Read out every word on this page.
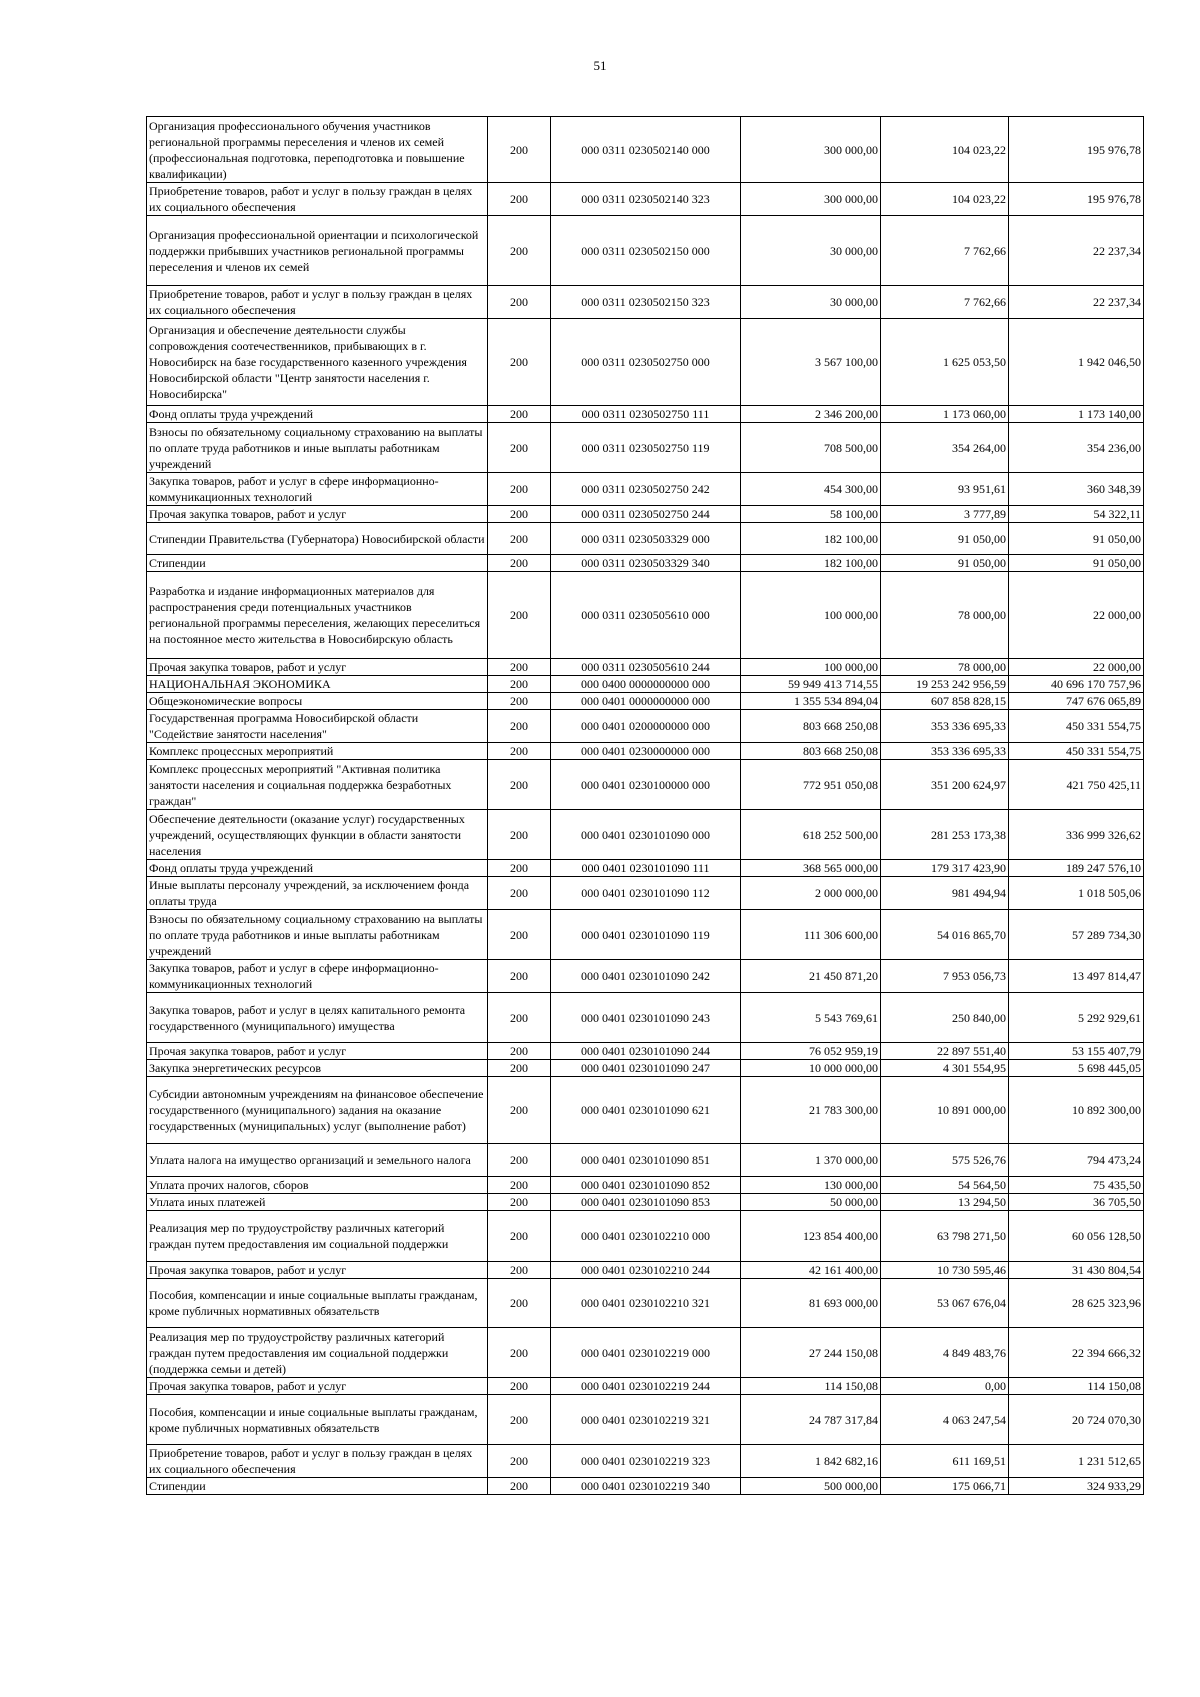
51
Организация профессионального обучения участников региональной программы переселения и членов их семей (профессиональная подготовка, переподготовка и повышение квалификации)	200	000 0311 0230502140 000	300 000,00	104 023,22	195 976,78
Приобретение товаров, работ и услуг в пользу граждан в целях их социального обеспечения	200	000 0311 0230502140 323	300 000,00	104 023,22	195 976,78
Организация профессиональной ориентации и психологической поддержки прибывших участников региональной программы переселения и членов их семей	200	000 0311 0230502150 000	30 000,00	7 762,66	22 237,34
Приобретение товаров, работ и услуг в пользу граждан в целях их социального обеспечения	200	000 0311 0230502150 323	30 000,00	7 762,66	22 237,34
Организация и обеспечение деятельности службы сопровождения соотечественников, прибывающих в г. Новосибирск на базе государственного казенного учреждения Новосибирской области "Центр занятости населения г. Новосибирска"	200	000 0311 0230502750 000	3 567 100,00	1 625 053,50	1 942 046,50
Фонд оплаты труда учреждений	200	000 0311 0230502750 111	2 346 200,00	1 173 060,00	1 173 140,00
Взносы по обязательному социальному страхованию на выплаты по оплате труда работников и иные выплаты работникам учреждений	200	000 0311 0230502750 119	708 500,00	354 264,00	354 236,00
Закупка товаров, работ и услуг в сфере информационно-коммуникационных технологий	200	000 0311 0230502750 242	454 300,00	93 951,61	360 348,39
Прочая закупка товаров, работ и услуг	200	000 0311 0230502750 244	58 100,00	3 777,89	54 322,11
Стипендии Правительства (Губернатора) Новосибирской области	200	000 0311 0230503329 000	182 100,00	91 050,00	91 050,00
Стипендии	200	000 0311 0230503329 340	182 100,00	91 050,00	91 050,00
Разработка и издание информационных материалов для распространения среди потенциальных участников региональной программы переселения, желающих переселиться на постоянное место жительства в Новосибирскую область	200	000 0311 0230505610 000	100 000,00	78 000,00	22 000,00
Прочая закупка товаров, работ и услуг	200	000 0311 0230505610 244	100 000,00	78 000,00	22 000,00
НАЦИОНАЛЬНАЯ ЭКОНОМИКА	200	000 0400 0000000000 000	59 949 413 714,55	19 253 242 956,59	40 696 170 757,96
Общеэкономические вопросы	200	000 0401 0000000000 000	1 355 534 894,04	607 858 828,15	747 676 065,89
Государственная программа Новосибирской области "Содействие занятости населения"	200	000 0401 0200000000 000	803 668 250,08	353 336 695,33	450 331 554,75
Комплекс процессных мероприятий	200	000 0401 0230000000 000	803 668 250,08	353 336 695,33	450 331 554,75
Комплекс процессных мероприятий "Активная политика занятости населения и социальная поддержка безработных граждан"	200	000 0401 0230100000 000	772 951 050,08	351 200 624,97	421 750 425,11
Обеспечение деятельности (оказание услуг) государственных учреждений, осуществляющих функции в области занятости населения	200	000 0401 0230101090 000	618 252 500,00	281 253 173,38	336 999 326,62
Фонд оплаты труда учреждений	200	000 0401 0230101090 111	368 565 000,00	179 317 423,90	189 247 576,10
Иные выплаты персоналу учреждений, за исключением фонда оплаты труда	200	000 0401 0230101090 112	2 000 000,00	981 494,94	1 018 505,06
Взносы по обязательному социальному страхованию на выплаты по оплате труда работников и иные выплаты работникам учреждений	200	000 0401 0230101090 119	111 306 600,00	54 016 865,70	57 289 734,30
Закупка товаров, работ и услуг в сфере информационно-коммуникационных технологий	200	000 0401 0230101090 242	21 450 871,20	7 953 056,73	13 497 814,47
Закупка товаров, работ и услуг в целях капитального ремонта государственного (муниципального) имущества	200	000 0401 0230101090 243	5 543 769,61	250 840,00	5 292 929,61
Прочая закупка товаров, работ и услуг	200	000 0401 0230101090 244	76 052 959,19	22 897 551,40	53 155 407,79
Закупка энергетических ресурсов	200	000 0401 0230101090 247	10 000 000,00	4 301 554,95	5 698 445,05
Субсидии автономным учреждениям на финансовое обеспечение государственного (муниципального) задания на оказание государственных (муниципальных) услуг (выполнение работ)	200	000 0401 0230101090 621	21 783 300,00	10 891 000,00	10 892 300,00
Уплата налога на имущество организаций и земельного налога	200	000 0401 0230101090 851	1 370 000,00	575 526,76	794 473,24
Уплата прочих налогов, сборов	200	000 0401 0230101090 852	130 000,00	54 564,50	75 435,50
Уплата иных платежей	200	000 0401 0230101090 853	50 000,00	13 294,50	36 705,50
Реализация мер по трудоустройству различных категорий граждан путем предоставления им социальной поддержки	200	000 0401 0230102210 000	123 854 400,00	63 798 271,50	60 056 128,50
Прочая закупка товаров, работ и услуг	200	000 0401 0230102210 244	42 161 400,00	10 730 595,46	31 430 804,54
Пособия, компенсации и иные социальные выплаты гражданам, кроме публичных нормативных обязательств	200	000 0401 0230102210 321	81 693 000,00	53 067 676,04	28 625 323,96
Реализация мер по трудоустройству различных категорий граждан путем предоставления им социальной поддержки (поддержка семьи и детей)	200	000 0401 0230102219 000	27 244 150,08	4 849 483,76	22 394 666,32
Прочая закупка товаров, работ и услуг	200	000 0401 0230102219 244	114 150,08	0,00	114 150,08
Пособия, компенсации и иные социальные выплаты гражданам, кроме публичных нормативных обязательств	200	000 0401 0230102219 321	24 787 317,84	4 063 247,54	20 724 070,30
Приобретение товаров, работ и услуг в пользу граждан в целях их социального обеспечения	200	000 0401 0230102219 323	1 842 682,16	611 169,51	1 231 512,65
Стипендии	200	000 0401 0230102219 340	500 000,00	175 066,71	324 933,29
